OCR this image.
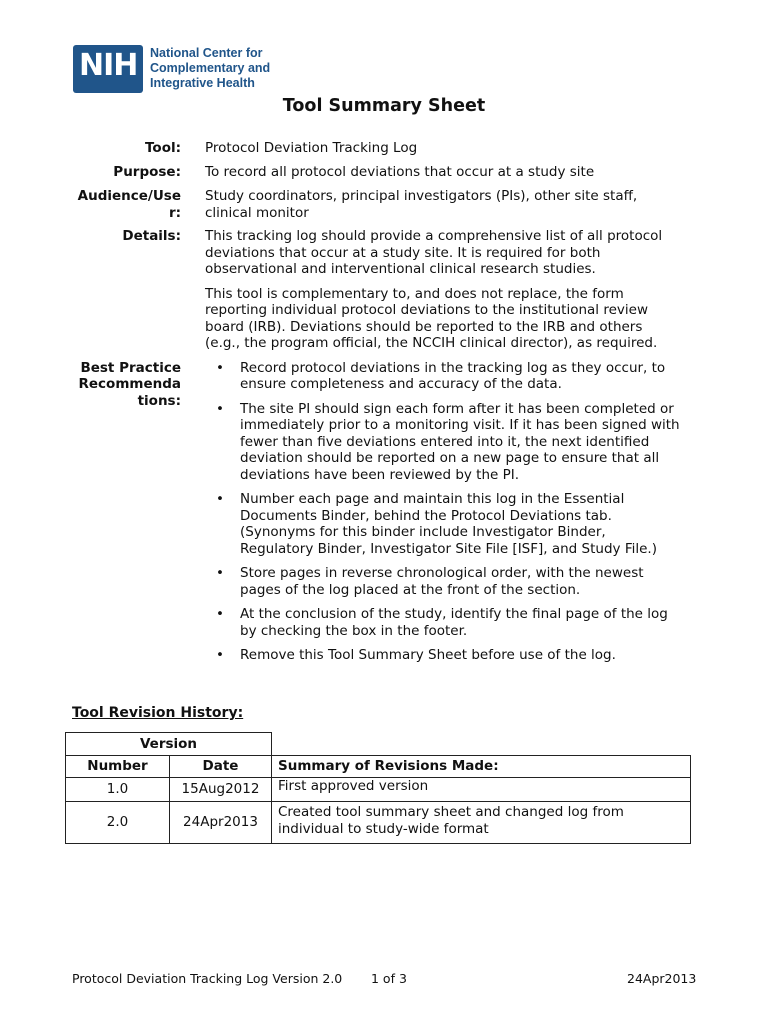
NIH National Center for
Complementary and
Integrative Health
Tool Summary Sheet
Tool: Protocol Deviation Tracking Log
Purpose: To record all protocol deviations that occur at a study site
Audience/Use
r:
Study coordinators, principal investigators (PIs), other site staff, clinical monitor
Details: This tracking log should provide a comprehensive list of all protocol deviations that occur at a study site. It is required for both observational and interventional clinical research studies.

This tool is complementary to, and does not replace, the form reporting individual protocol deviations to the institutional review board (IRB). Deviations should be reported to the IRB and others (e.g., the program official, the NCCIH clinical director), as required.

Best Practice
Recommenda
tions:
• Record protocol deviations in the tracking log as they occur, to ensure completeness and accuracy of the data.
• The site PI should sign each form after it has been completed or immediately prior to a monitoring visit. If it has been signed with fewer than five deviations entered into it, the next identified deviation should be reported on a new page to ensure that all deviations have been reviewed by the PI.
• Number each page and maintain this log in the Essential Documents Binder, behind the Protocol Deviations tab. (Synonyms for this binder include Investigator Binder, Regulatory Binder, Investigator Site File [ISF], and Study File.)
• Store pages in reverse chronological order, with the newest pages of the log placed at the front of the section.
• At the conclusion of the study, identify the final page of the log by checking the box in the footer.
• Remove this Tool Summary Sheet before use of the log.
Tool Revision History:
Version		
Number	Date	Summary of Revisions Made:
1.0	15Aug2012	First approved version
2.0	24Apr2013	Created tool summary sheet and changed log from individual to study-wide format
Protocol Deviation Tracking Log Version 2.0 1 of 3	24Apr2013
